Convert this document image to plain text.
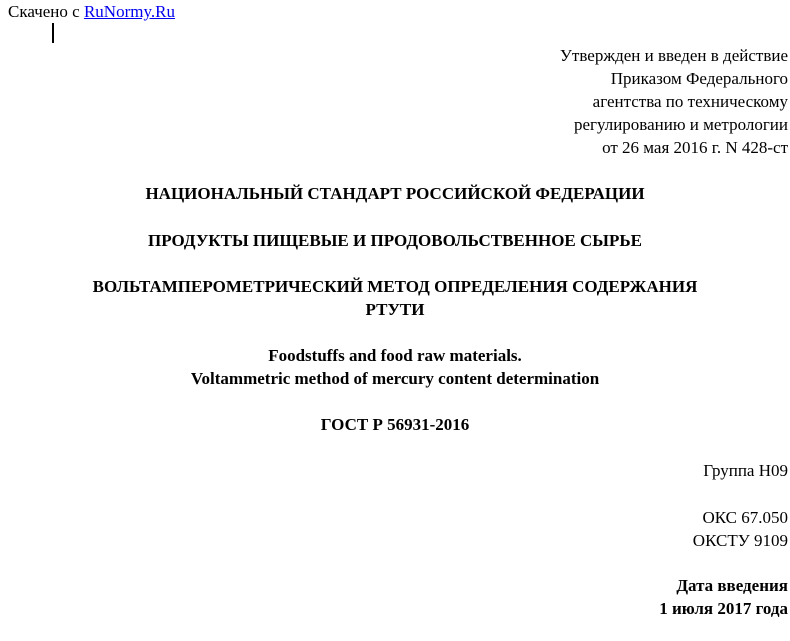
Скачено с RuNormy.Ru
Утвержден и введен в действие
Приказом Федерального
агентства по техническому
регулированию и метрологии
от 26 мая 2016 г. N 428-ст
НАЦИОНАЛЬНЫЙ СТАНДАРТ РОССИЙСКОЙ ФЕДЕРАЦИИ
ПРОДУКТЫ ПИЩЕВЫЕ И ПРОДОВОЛЬСТВЕННОЕ СЫРЬЕ
ВОЛЬТАМПЕРОМЕТРИЧЕСКИЙ МЕТОД ОПРЕДЕЛЕНИЯ СОДЕРЖАНИЯ
РТУТИ
Foodstuffs and food raw materials.
Voltammetric method of mercury content determination
ГОСТ Р 56931-2016
Группа Н09
ОКС 67.050
ОКСТУ 9109
Дата введения
1 июля 2017 года
